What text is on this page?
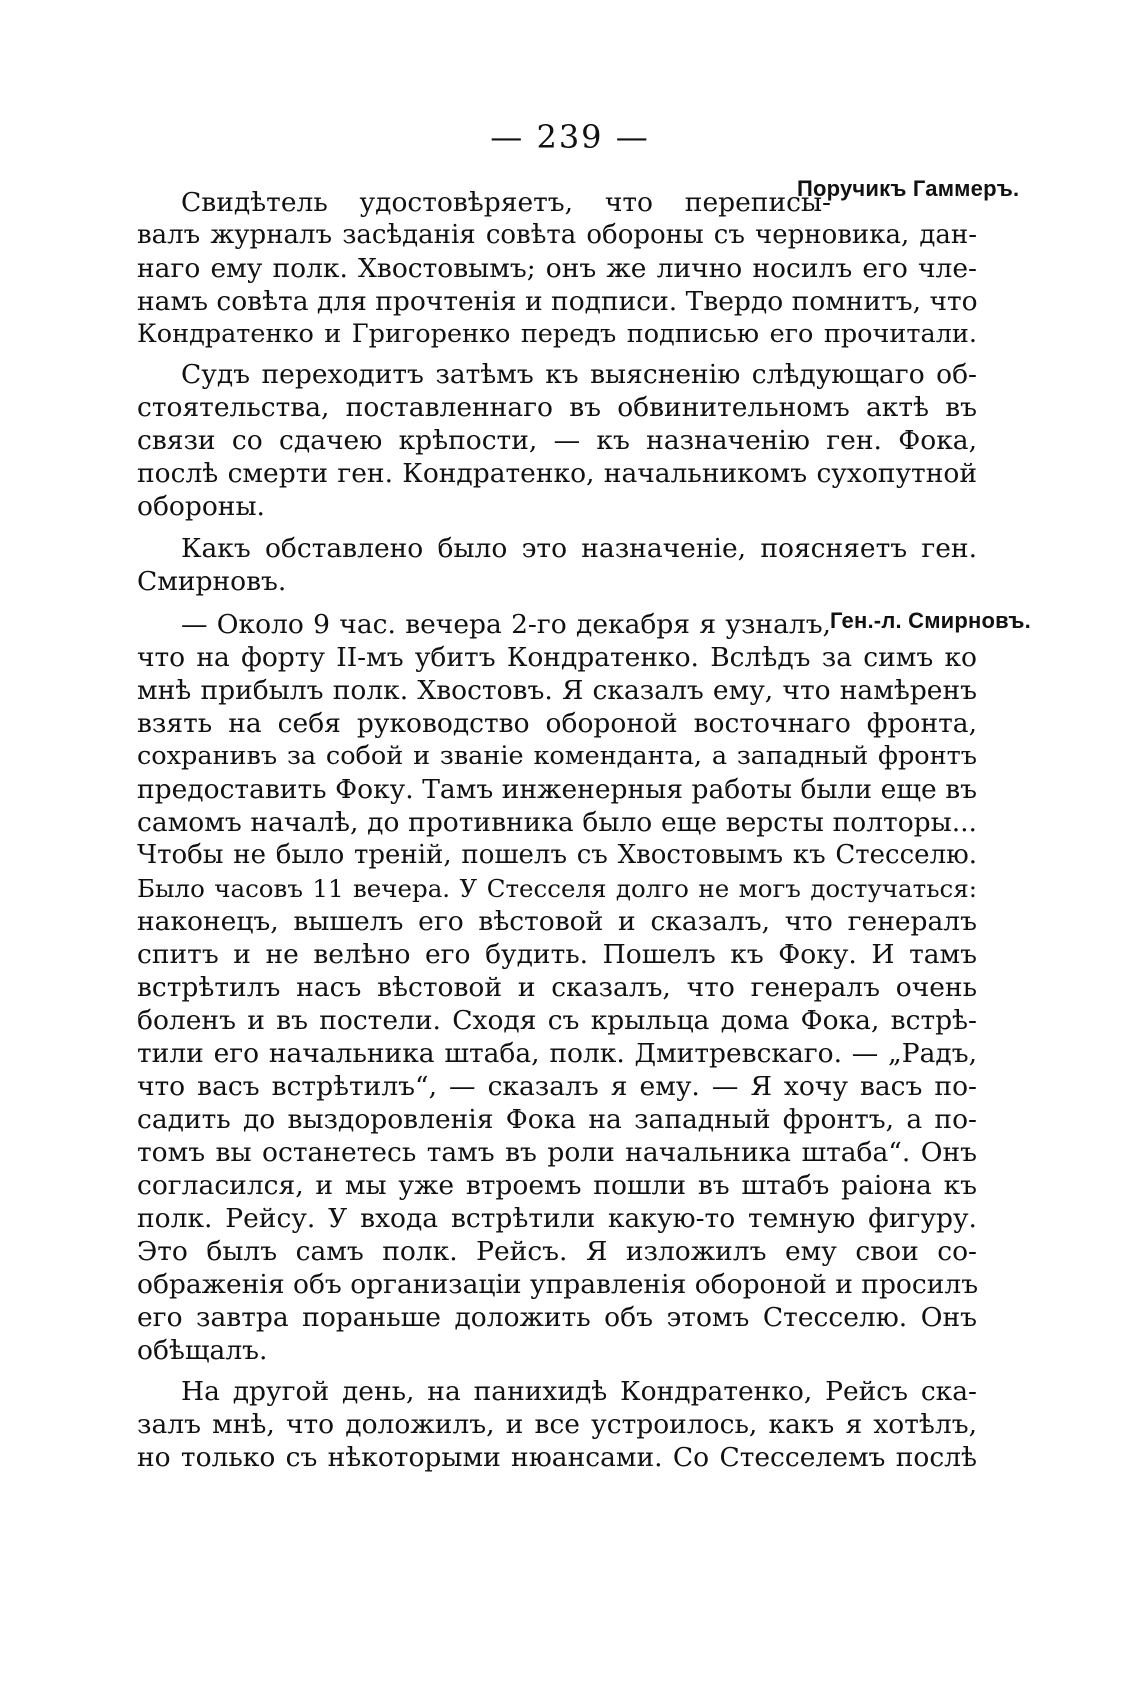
— 239 —
Поручикъ Гаммеръ.
Ген.-л. Смирновъ.
Свидѣтель удостовѣряетъ, что переписы-
валъ журналъ засѣданія совѣта обороны съ черновика, дан-
наго ему полк. Хвостовымъ; онъ же лично носилъ его чле-
намъ совѣта для прочтенія и подписи. Твердо помнитъ, что
Кондратенко и Григоренко передъ подписью его прочитали.
Судъ переходитъ затѣмъ къ выясненію слѣдующаго об-
стоятельства, поставленнаго въ обвинительномъ актѣ въ
связи со сдачею крѣпости, — къ назначенію ген. Фока,
послѣ смерти ген. Кондратенко, начальникомъ сухопутной
обороны.
Какъ обставлено было это назначеніе, поясняетъ ген.
Смирновъ.
— Около 9 час. вечера 2-го декабря я узналъ,
что на форту II-мъ убитъ Кондратенко. Вслѣдъ за симъ ко
мнѣ прибылъ полк. Хвостовъ. Я сказалъ ему, что намѣренъ
взять на себя руководство обороной восточнаго фронта,
сохранивъ за собой и званіе коменданта, а западный фронтъ
предоставить Фоку. Тамъ инженерныя работы были еще въ
самомъ началѣ, до противника было еще версты полторы...
Чтобы не было треній, пошелъ съ Хвостовымъ къ Стесселю.
Было часовъ 11 вечера. У Стесселя долго не могъ достучаться:
наконецъ, вышелъ его вѣстовой и сказалъ, что генералъ
спитъ и не велѣно его будить. Пошелъ къ Фоку. И тамъ
встрѣтилъ насъ вѣстовой и сказалъ, что генералъ очень
боленъ и въ постели. Сходя съ крыльца дома Фока, встрѣ-
тили его начальника штаба, полк. Дмитревскаго. — „Радъ,
что васъ встрѣтилъ“, — сказалъ я ему. — Я хочу васъ по-
садить до выздоровленія Фока на западный фронтъ, а по-
томъ вы останетесь тамъ въ роли начальника штаба“. Онъ
согласился, и мы уже втроемъ пошли въ штабъ раіона къ
полк. Рейсу. У входа встрѣтили какую-то темную фигуру.
Это былъ самъ полк. Рейсъ. Я изложилъ ему свои со-
ображенія объ организаціи управленія обороной и просилъ
его завтра пораньше доложить объ этомъ Стесселю. Онъ
обѣщалъ.
На другой день, на панихидѣ Кондратенко, Рейсъ ска-
залъ мнѣ, что доложилъ, и все устроилось, какъ я хотѣлъ,
но только съ нѣкоторыми нюансами. Со Стесселемъ послѣ
